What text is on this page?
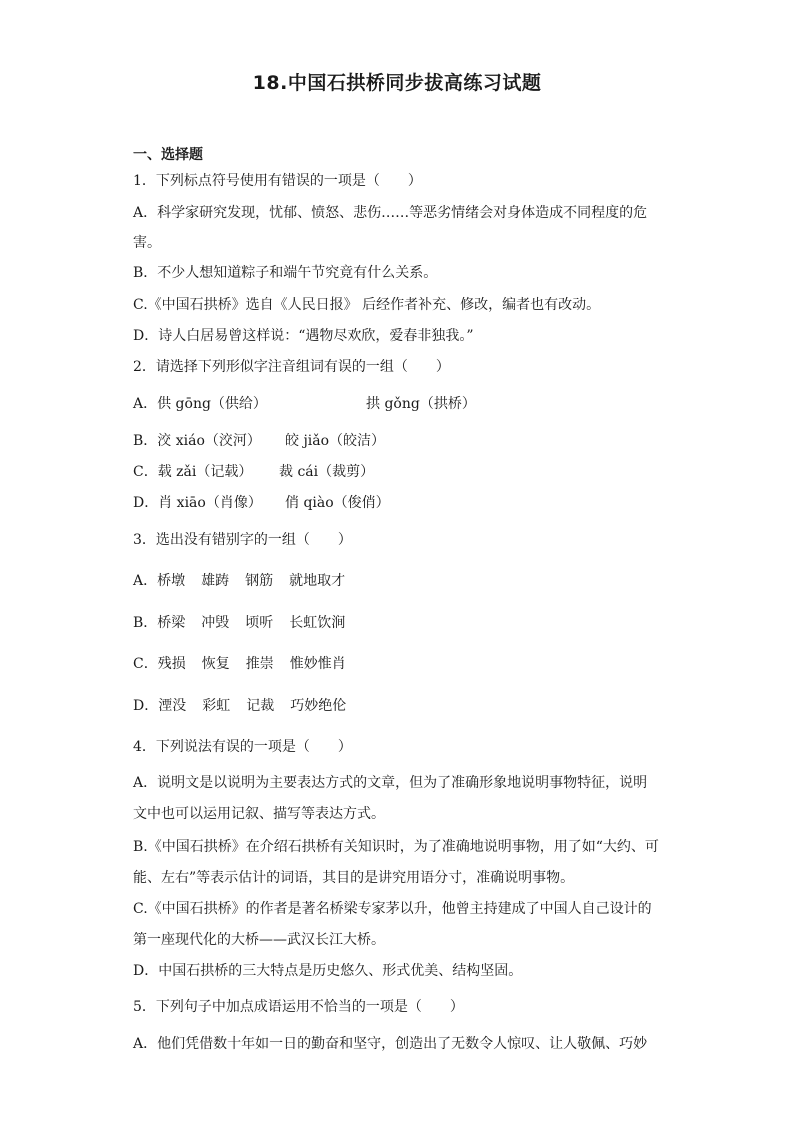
18.中国石拱桥同步拔高练习试题
一、选择题
1．下列标点符号使用有错误的一项是（　　）
A．科学家研究发现，忧郁、愤怒、悲伤……等恶劣情绪会对身体造成不同程度的危
害。
B．不少人想知道粽子和端午节究竟有什么关系。
C.《中国石拱桥》选自《人民日报》 后经作者补充、修改，编者也有改动。
D．诗人白居易曾这样说：“遇物尽欢欣，爱春非独我。”
2．请选择下列形似字注音组词有误的一组（　　）
A．供 gōng（供给）	拱 gǒng（拱桥）
B．洨 xiáo（洨河） 皎 jiǎo（皎洁）
C．载 zǎi（记载） 裁 cái（裁剪）
D．肖 xiāo（肖像） 俏 qiào（俊俏）
3．选出没有错别字的一组（　　）
A．桥墩 雄踌 钢筋 就地取才
B．桥梁 冲毁 顷听 长虹饮涧
C．残损 恢复 推崇 惟妙惟肖
D．湮没 彩虹 记裁 巧妙绝伦
4．下列说法有误的一项是（　　）
A．说明文是以说明为主要表达方式的文章，但为了准确形象地说明事物特征，说明
文中也可以运用记叙、描写等表达方式。
B.《中国石拱桥》在介绍石拱桥有关知识时，为了准确地说明事物，用了如“大约、可
能、左右”等表示估计的词语，其目的是讲究用语分寸，准确说明事物。
C.《中国石拱桥》的作者是著名桥梁专家茅以升，他曾主持建成了中国人自己设计的
第一座现代化的大桥——武汉长江大桥。
D．中国石拱桥的三大特点是历史悠久、形式优美、结构坚固。
5．下列句子中加点成语运用不恰当的一项是（　　）
A．他们凭借数十年如一日的勤奋和坚守，创造出了无数令人惊叹、让人敬佩、巧妙
